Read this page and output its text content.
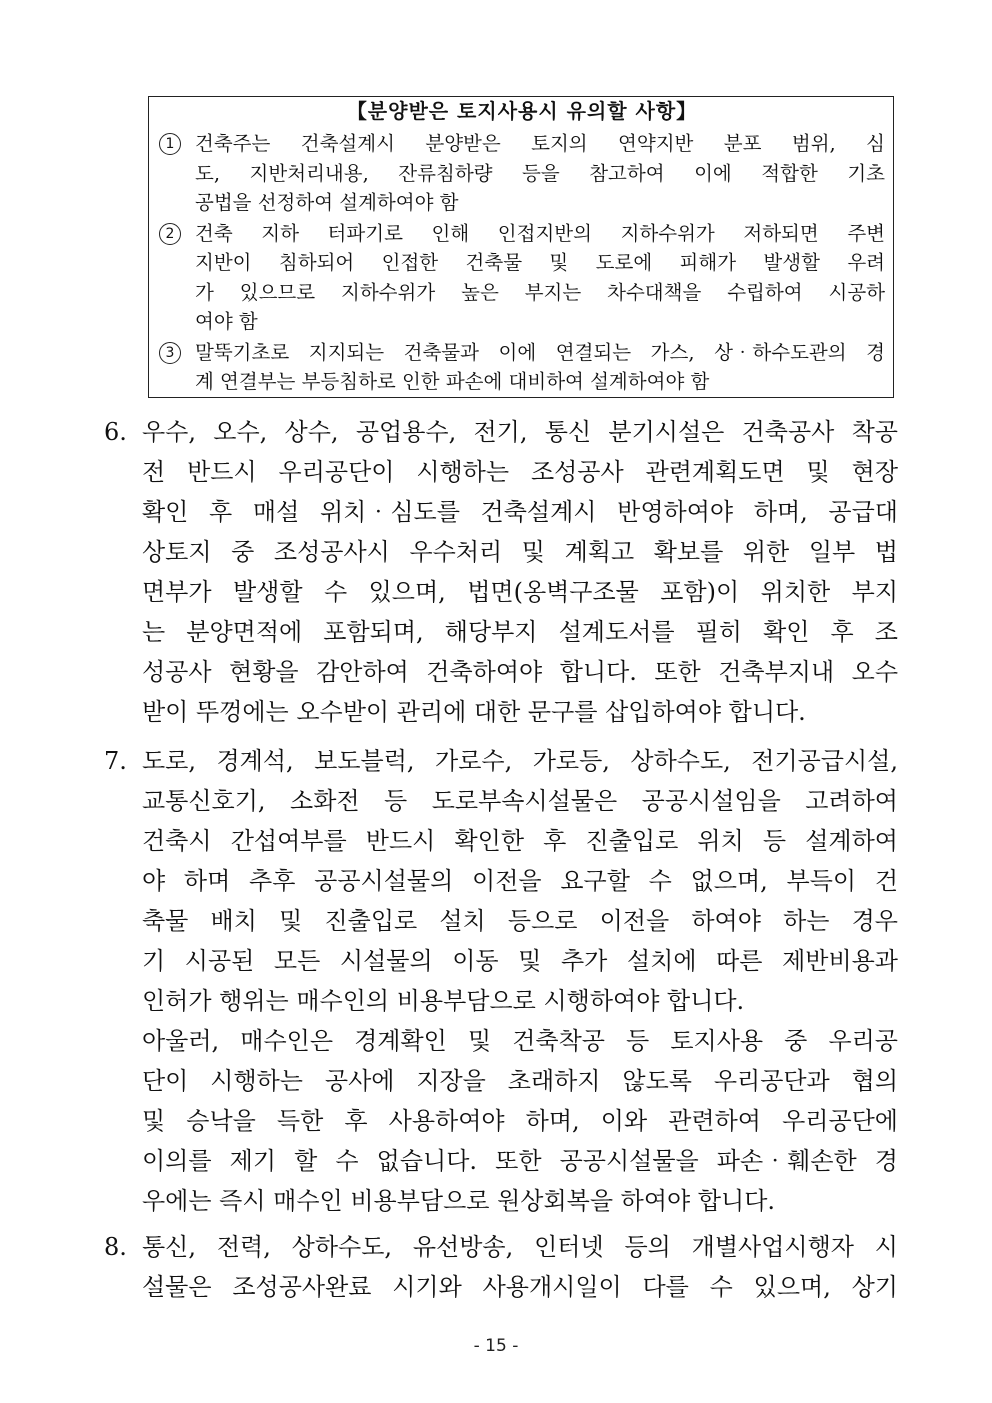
【분양받은 토지사용시 유의할 사항】
1	건축주는 건축설계시 분양받은 토지의 연약지반 분포 범위, 심
도, 지반처리내용, 잔류침하량 등을 참고하여 이에 적합한 기초
공법을 선정하여 설계하여야 함
2	건축 지하 터파기로 인해 인접지반의 지하수위가 저하되면 주변
지반이 침하되어 인접한 건축물 및 도로에 피해가 발생할 우려
가 있으므로 지하수위가 높은 부지는 차수대책을 수립하여 시공하
여야 함
3	말뚝기초로 지지되는 건축물과 이에 연결되는 가스, 상‧하수도관의 경
계 연결부는 부등침하로 인한 파손에 대비하여 설계하여야 함
6. 우수, 오수, 상수, 공업용수, 전기, 통신 분기시설은 건축공사 착공
전 반드시 우리공단이 시행하는 조성공사 관련계획도면 및 현장
확인 후 매설 위치‧심도를 건축설계시 반영하여야 하며, 공급대
상토지 중 조성공사시 우수처리 및 계획고 확보를 위한 일부 법
면부가 발생할 수 있으며, 법면(옹벽구조물 포함)이 위치한 부지
는 분양면적에 포함되며, 해당부지 설계도서를 필히 확인 후 조
성공사 현황을 감안하여 건축하여야 합니다. 또한 건축부지내 오수
받이 뚜껑에는 오수받이 관리에 대한 문구를 삽입하여야 합니다.
7. 도로, 경계석, 보도블럭, 가로수, 가로등, 상하수도, 전기공급시설,
교통신호기, 소화전 등 도로부속시설물은 공공시설임을 고려하여
건축시 간섭여부를 반드시 확인한 후 진출입로 위치 등 설계하여
야 하며 추후 공공시설물의 이전을 요구할 수 없으며, 부득이 건
축물 배치 및 진출입로 설치 등으로 이전을 하여야 하는 경우
기 시공된 모든 시설물의 이동 및 추가 설치에 따른 제반비용과
인허가 행위는 매수인의 비용부담으로 시행하여야 합니다.
아울러, 매수인은 경계확인 및 건축착공 등 토지사용 중 우리공
단이 시행하는 공사에 지장을 초래하지 않도록 우리공단과 협의
및 승낙을 득한 후 사용하여야 하며, 이와 관련하여 우리공단에
이의를 제기 할 수 없습니다. 또한 공공시설물을 파손‧훼손한 경
우에는 즉시 매수인 비용부담으로 원상회복을 하여야 합니다.
8. 통신, 전력, 상하수도, 유선방송, 인터넷 등의 개별사업시행자 시
설물은 조성공사완료 시기와 사용개시일이 다를 수 있으며, 상기
- 15 -
